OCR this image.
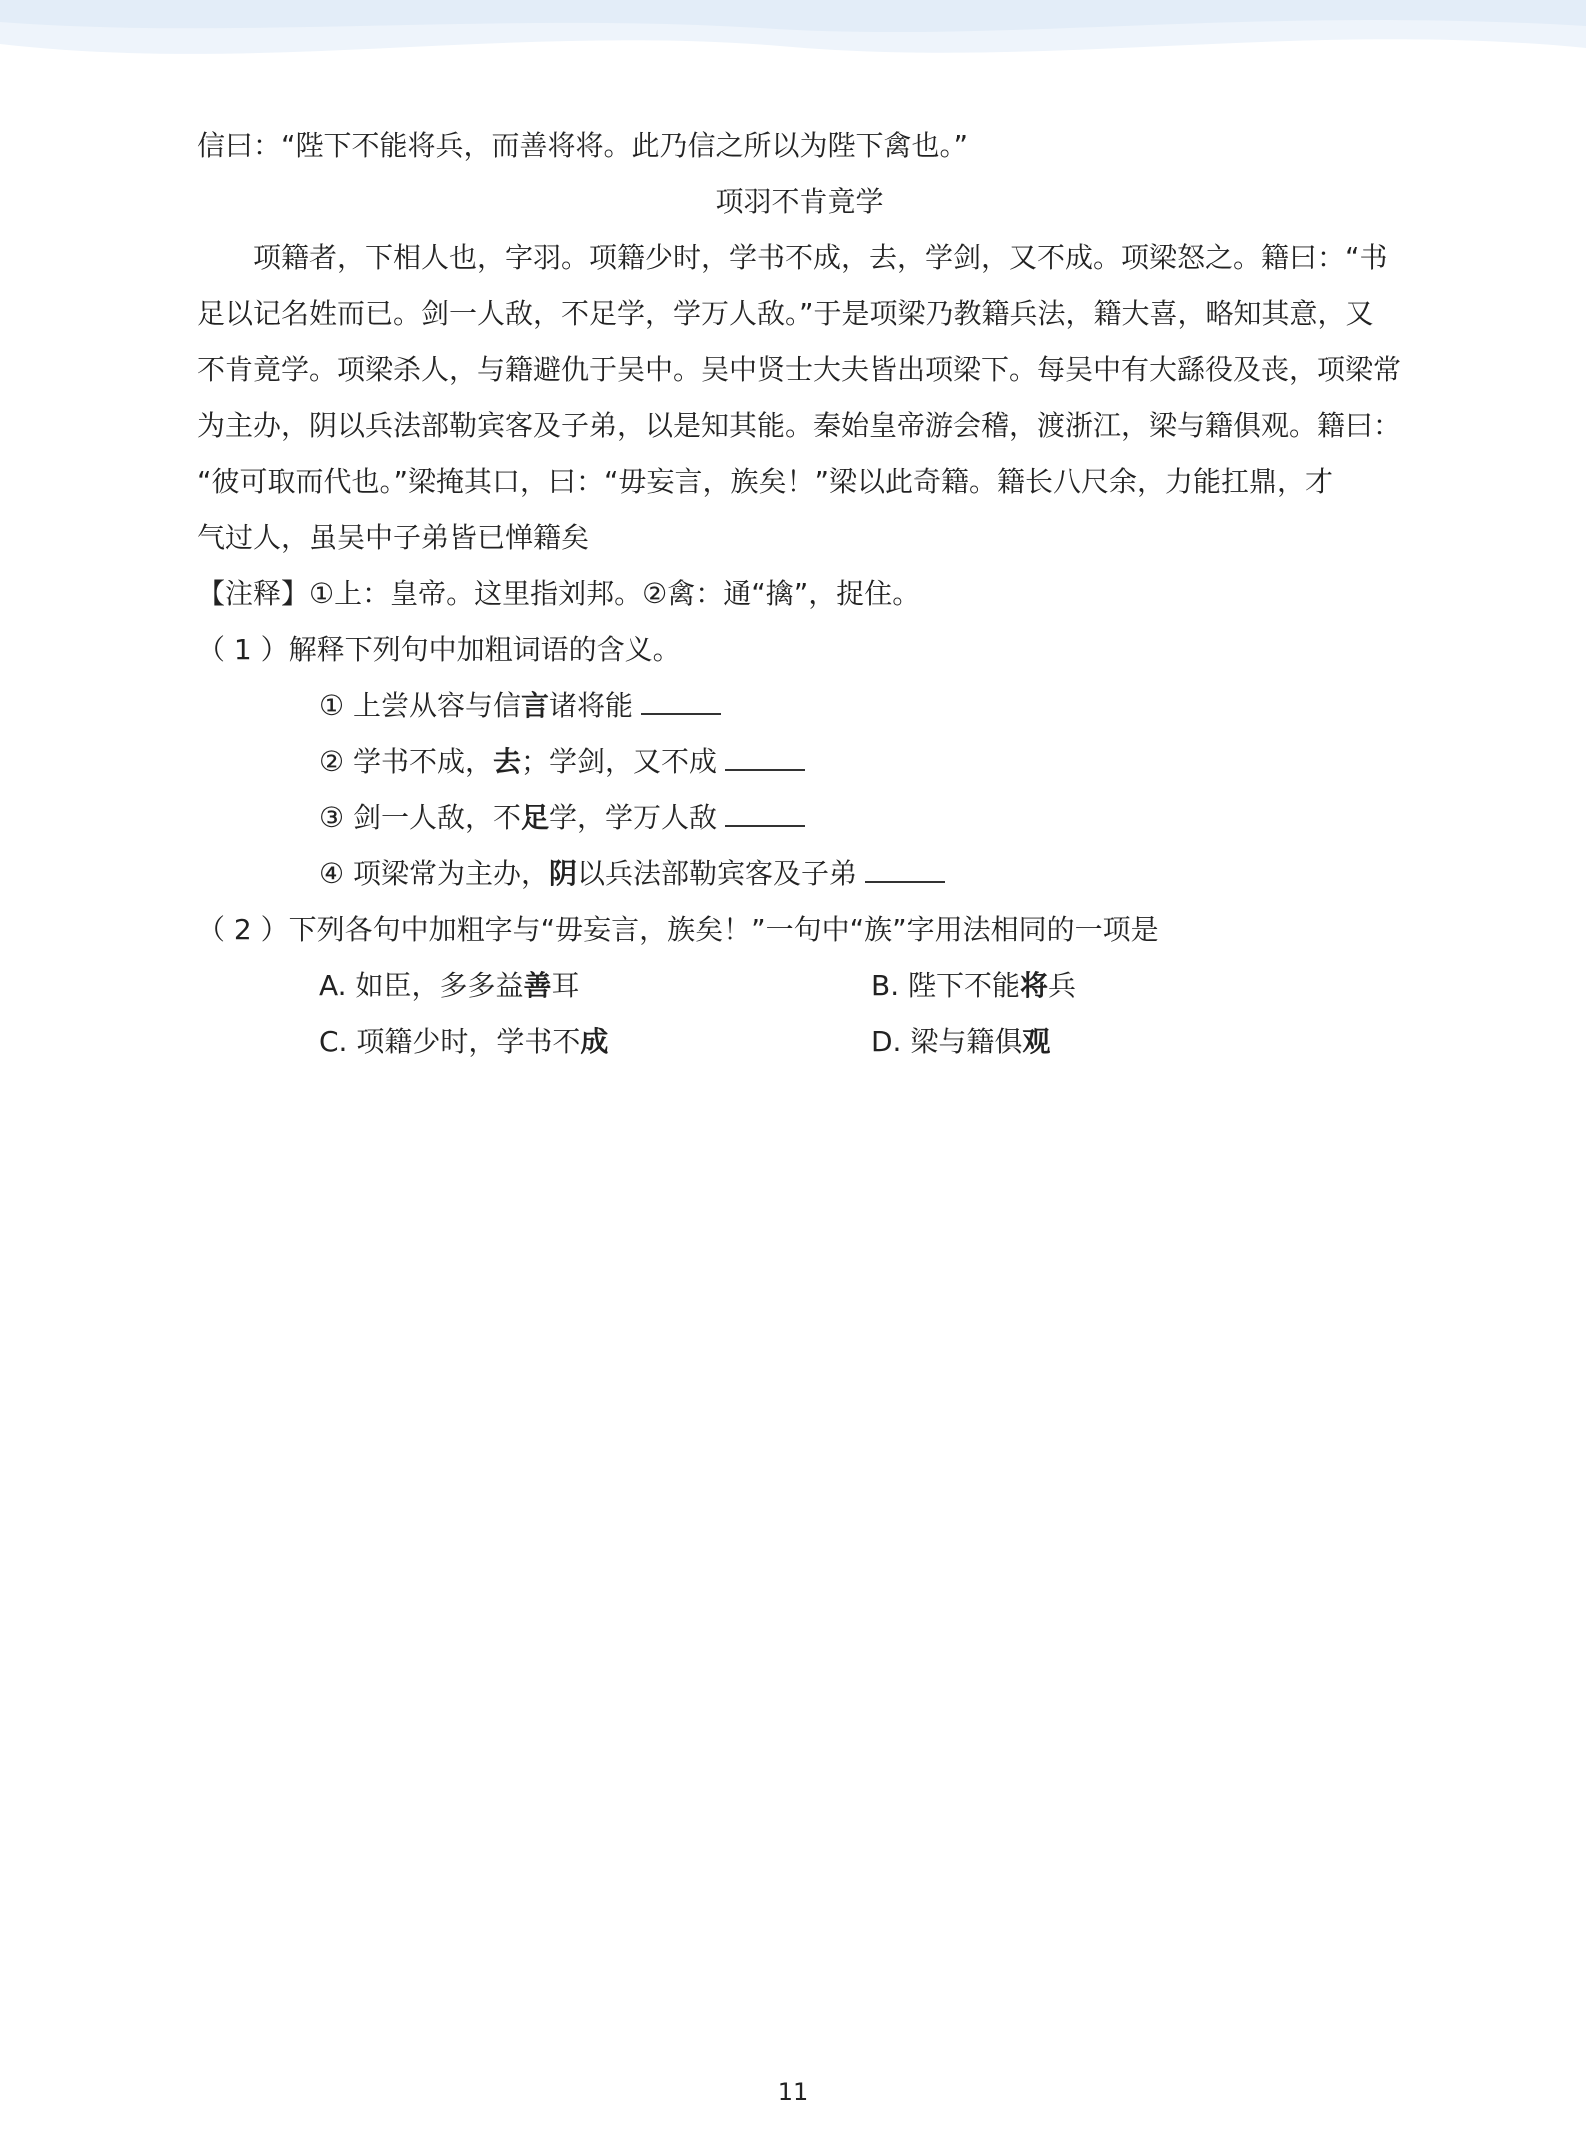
信曰：“陛下不能将兵，而善将将。此乃信之所以为陛下禽也。”
项羽不肯竟学
项籍者，下相人也，字羽。项籍少时，学书不成，去，学剑，又不成。项梁怒之。籍曰：“书
足以记名姓而已。剑一人敌，不足学，学万人敌。”于是项梁乃教籍兵法，籍大喜，略知其意，又
不肯竟学。项梁杀人，与籍避仇于吴中。吴中贤士大夫皆出项梁下。每吴中有大繇役及丧，项梁常
为主办，阴以兵法部勒宾客及子弟，以是知其能。秦始皇帝游会稽，渡浙江，梁与籍俱观。籍曰：
“彼可取而代也。”梁掩其口，曰：“毋妄言，族矣！”梁以此奇籍。籍长八尺余，力能扛鼎，才
气过人，虽吴中子弟皆已惮籍矣
【注释】①上：皇帝。这里指刘邦。②禽：通“擒”，捉住。
（ 1 ）解释下列句中加粗词语的含义。
① 上尝从容与信言诸将能
② 学书不成，去；学剑，又不成
③ 剑一人敌，不足学，学万人敌
④ 项梁常为主办，阴以兵法部勒宾客及子弟
（ 2 ）下列各句中加粗字与“毋妄言，族矣！”一句中“族”字用法相同的一项是
A. 如臣，多多益善耳	B. 陛下不能将兵
C. 项籍少时，学书不成	D. 梁与籍俱观
11
